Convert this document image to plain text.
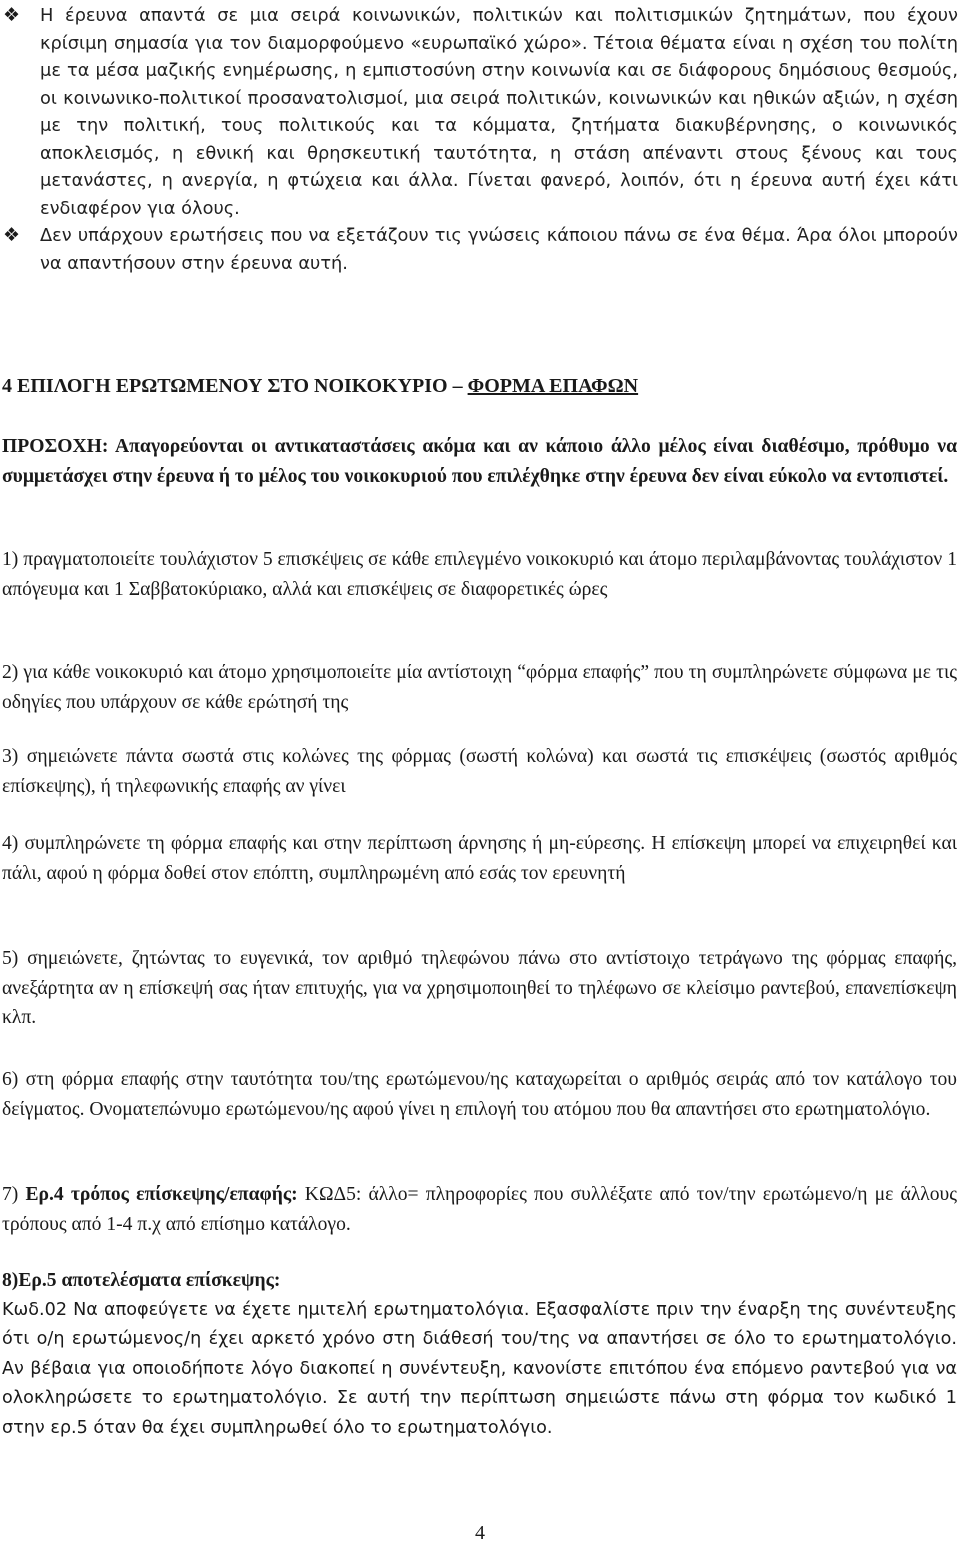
❖ Η έρευνα απαντά σε μια σειρά κοινωνικών, πολιτικών και πολιτισμικών ζητημάτων, που έχουν κρίσιμη σημασία για τον διαμορφούμενο «ευρωπαϊκό χώρο». Τέτοια θέματα είναι η σχέση του πολίτη με τα μέσα μαζικής ενημέρωσης, η εμπιστοσύνη στην κοινωνία και σε διάφορους δημόσιους θεσμούς, οι κοινωνικο-πολιτικοί προσανατολισμοί, μια σειρά πολιτικών, κοινωνικών και ηθικών αξιών, η σχέση με την πολιτική, τους πολιτικούς και τα κόμματα, ζητήματα διακυβέρνησης, ο κοινωνικός αποκλεισμός, η εθνική και θρησκευτική ταυτότητα, η στάση απέναντι στους ξένους και τους μετανάστες, η ανεργία, η φτώχεια και άλλα. Γίνεται φανερό, λοιπόν, ότι η έρευνα αυτή έχει κάτι ενδιαφέρον για όλους.
❖ Δεν υπάρχουν ερωτήσεις που να εξετάζουν τις γνώσεις κάποιου πάνω σε ένα θέμα. Άρα όλοι μπορούν να απαντήσουν στην έρευνα αυτή.
4 ΕΠΙΛΟΓΗ ΕΡΩΤΩΜΕΝΟΥ ΣΤΟ ΝΟΙΚΟΚΥΡΙΟ – ΦΟΡΜΑ ΕΠΑΦΩΝ
ΠΡΟΣΟΧΗ: Απαγορεύονται οι αντικαταστάσεις ακόμα και αν κάποιο άλλο μέλος είναι διαθέσιμο, πρόθυμο να συμμετάσχει στην έρευνα ή το μέλος του νοικοκυριού που επιλέχθηκε στην έρευνα δεν είναι εύκολο να εντοπιστεί.
1) πραγματοποιείτε τουλάχιστον 5 επισκέψεις σε κάθε επιλεγμένο νοικοκυριό και άτομο περιλαμβάνοντας τουλάχιστον 1 απόγευμα και 1 Σαββατοκύριακο, αλλά και επισκέψεις σε διαφορετικές ώρες
2) για κάθε νοικοκυριό και άτομο χρησιμοποιείτε μία αντίστοιχη “φόρμα επαφής” που τη συμπληρώνετε σύμφωνα με τις οδηγίες που υπάρχουν σε κάθε ερώτησή της
3) σημειώνετε πάντα σωστά στις κολώνες της φόρμας (σωστή κολώνα) και σωστά τις επισκέψεις (σωστός αριθμός επίσκεψης), ή τηλεφωνικής επαφής αν γίνει
4) συμπληρώνετε τη φόρμα επαφής και στην περίπτωση άρνησης ή μη-εύρεσης. Η επίσκεψη μπορεί να επιχειρηθεί και πάλι, αφού η φόρμα δοθεί στον επόπτη, συμπληρωμένη από εσάς τον ερευνητή
5) σημειώνετε, ζητώντας το ευγενικά, τον αριθμό τηλεφώνου πάνω στο αντίστοιχο τετράγωνο της φόρμας επαφής, ανεξάρτητα αν η επίσκεψή σας ήταν επιτυχής, για να χρησιμοποιηθεί το τηλέφωνο σε κλείσιμο ραντεβού, επανεπίσκεψη κλπ.
6) στη φόρμα επαφής στην ταυτότητα του/της ερωτώμενου/ης καταχωρείται ο αριθμός σειράς από τον κατάλογο του δείγματος. Ονοματεπώνυμο ερωτώμενου/ης αφού γίνει η επιλογή του ατόμου που θα απαντήσει στο ερωτηματολόγιο.
7) Ερ.4 τρόπος επίσκεψης/επαφής: ΚΩΔ5: άλλο= πληροφορίες που συλλέξατε από τον/την ερωτώμενο/η με άλλους τρόπους από 1-4 π.χ από επίσημο κατάλογο.
8)Ερ.5 αποτελέσματα επίσκεψης:
Κωδ.02 Να αποφεύγετε να έχετε ημιτελή ερωτηματολόγια. Εξασφαλίστε πριν την έναρξη της συνέντευξης ότι ο/η ερωτώμενος/η έχει αρκετό χρόνο στη διάθεσή του/της να απαντήσει σε όλο το ερωτηματολόγιο. Αν βέβαια για οποιοδήποτε λόγο διακοπεί η συνέντευξη, κανονίστε επιτόπου ένα επόμενο ραντεβού για να ολοκληρώσετε το ερωτηματολόγιο. Σε αυτή την περίπτωση σημειώστε πάνω στη φόρμα τον κωδικό 1 στην ερ.5 όταν θα έχει συμπληρωθεί όλο το ερωτηματολόγιο.
4
